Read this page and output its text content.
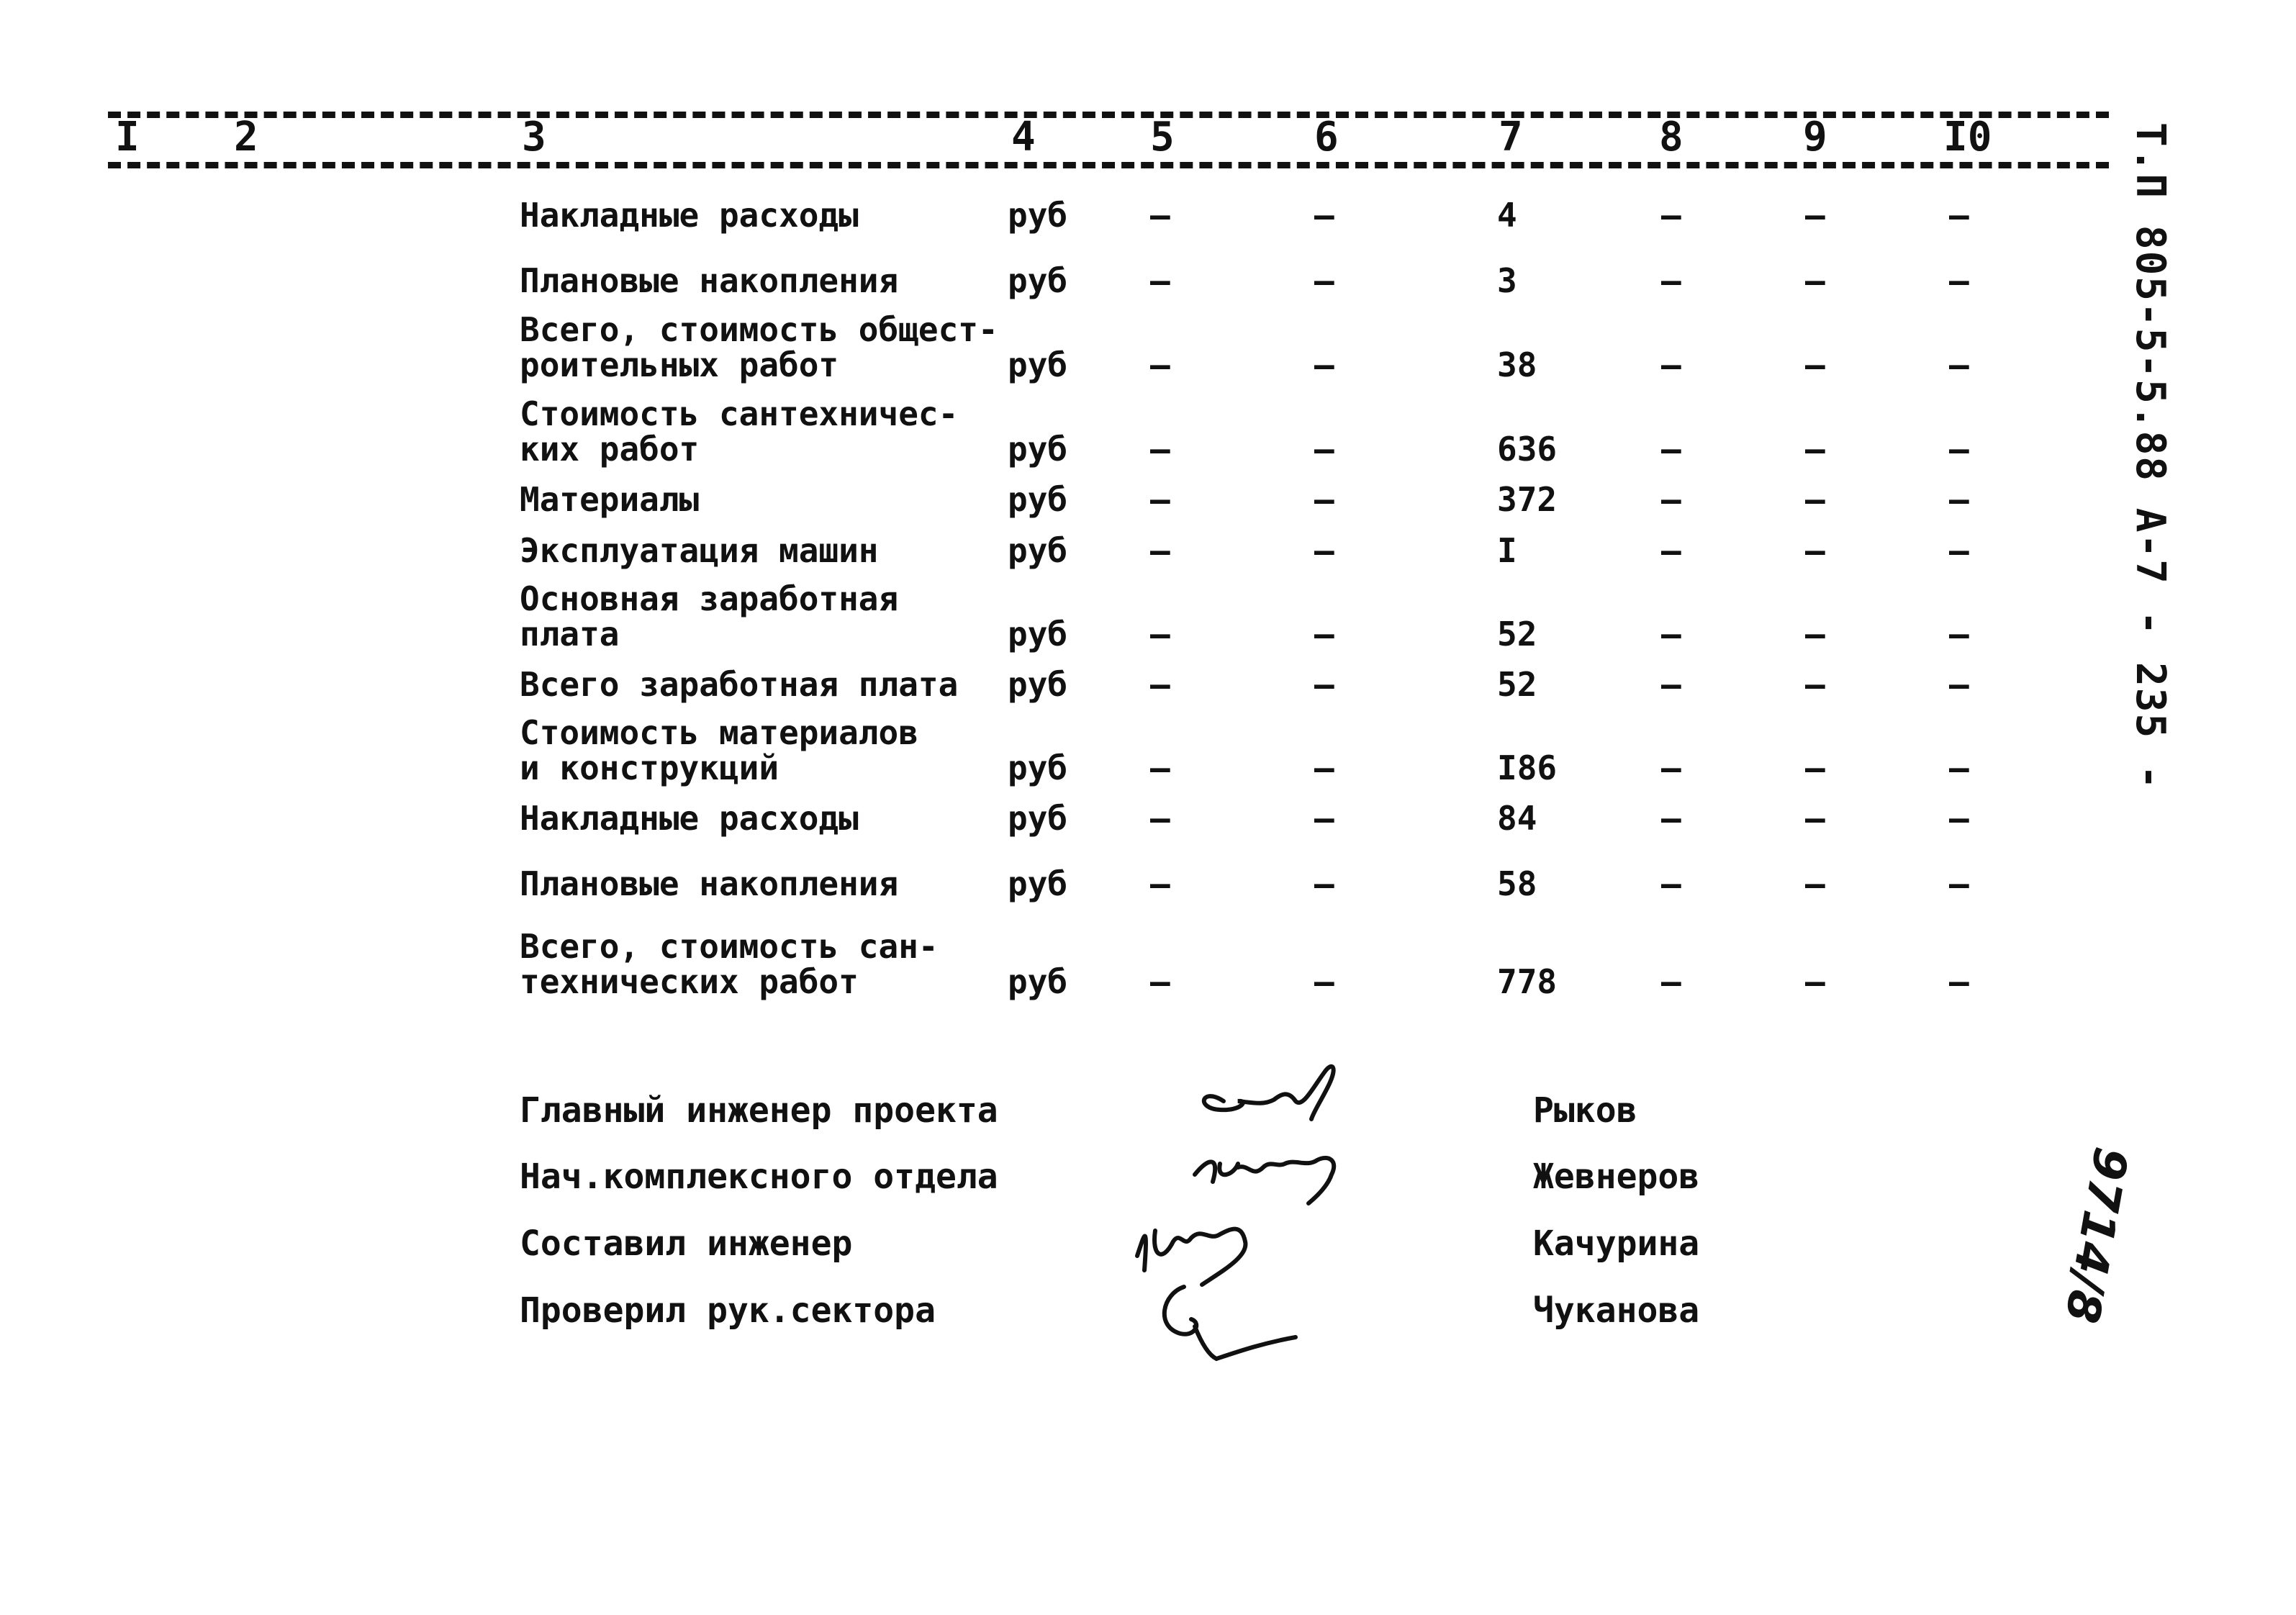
I 2	3	4	5	6	7	8	9	I0	Т.П 805-5-5.88 А-7 - 235 -
Накладные расходы	руб –	–	4	–	–	–
Плановые накопления	руб –	–	3	–	–	–
Всего, стоимость общест-
роительных работ	руб –	–	38	–	–	–
Стоимость сантехничес-
ких работ	руб –	–	636	–	–	–
Материалы	руб –	–	372	–	–	–
Эксплуатация машин	руб –	–	I	–	–	–
Основная заработная
плата	руб –	–	52	–	–	–
Всего заработная плата	руб –	–	52	–	–	–
Стоимость материалов
и конструкций	руб –	–	I86	–	–	–
Накладные расходы	руб –	–	84	–	–	–
Плановые накопления	руб –	–	58	–	–	–
Всего, стоимость сан-
технических работ	руб –	–	778	–	–	–
Главный инженер проекта	Рыков
Нач.комплексного отдела	Жевнеров
Составил инженер	Качурина
Проверил рук.сектора	Чуканова	9714/8
